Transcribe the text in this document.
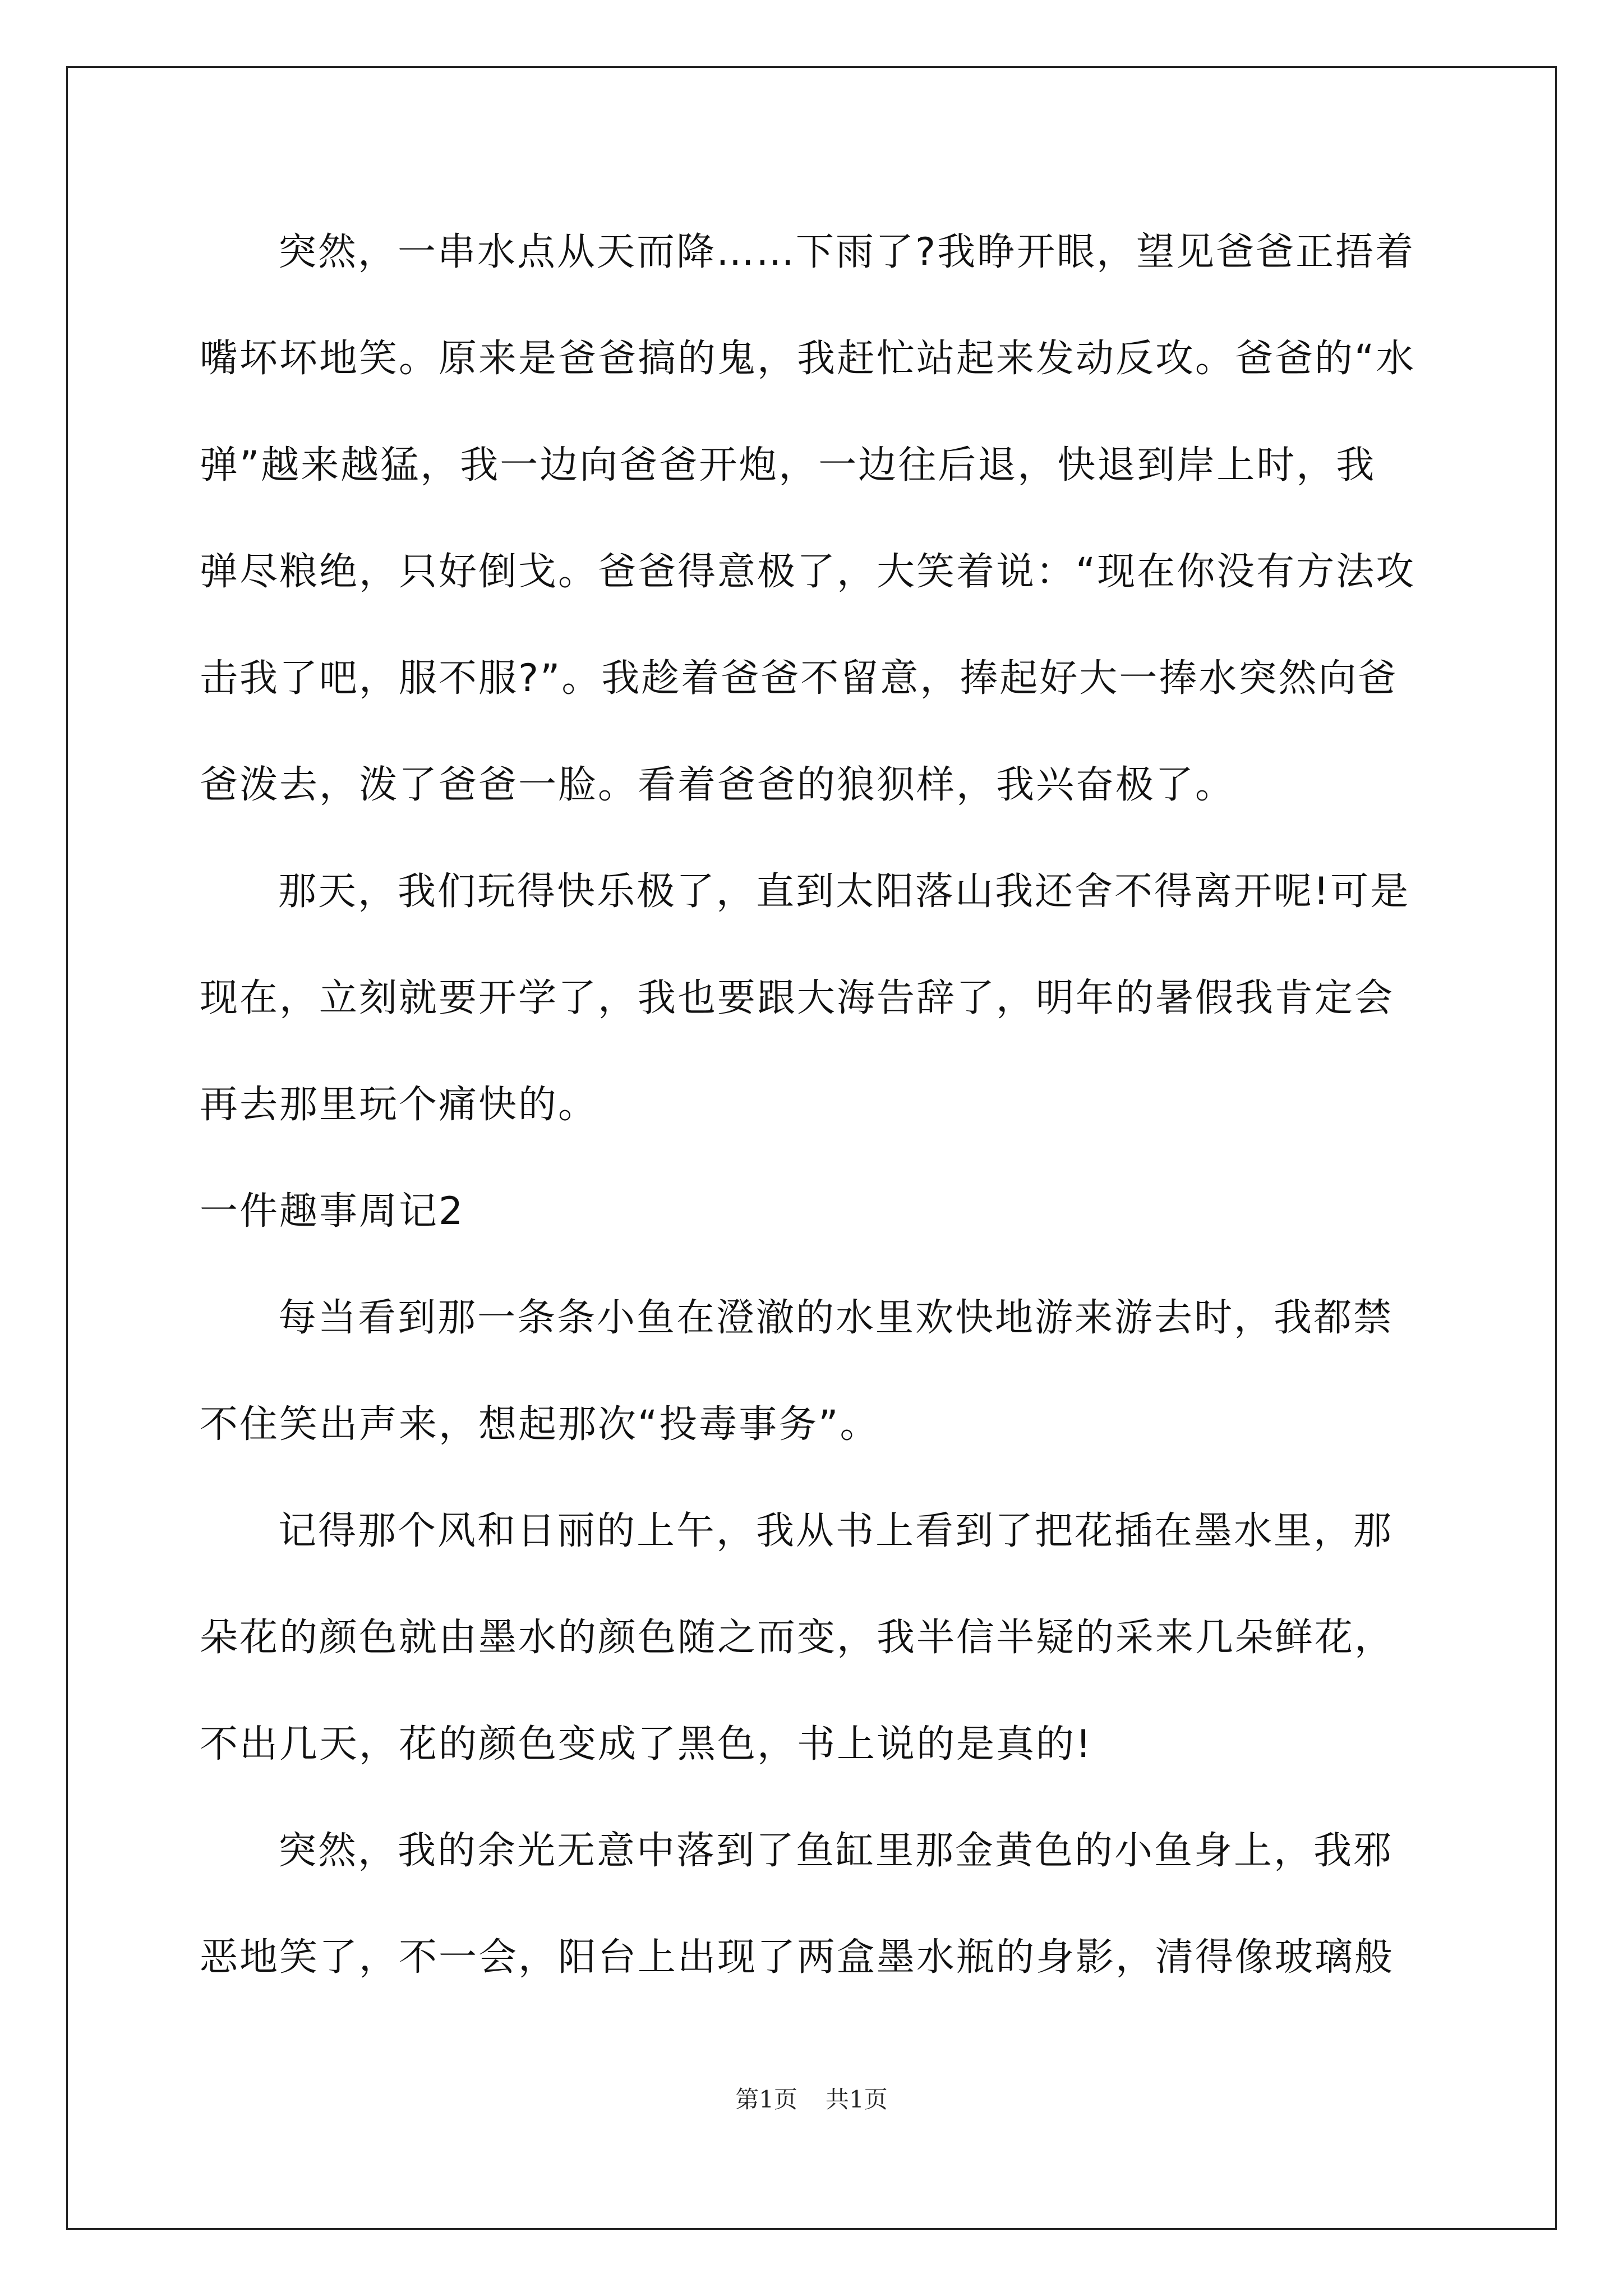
突然，一串水点从天而降……下雨了?我睁开眼，望见爸爸正捂着
嘴坏坏地笑。原来是爸爸搞的鬼，我赶忙站起来发动反攻。爸爸的“水
弹”越来越猛，我一边向爸爸开炮，一边往后退，快退到岸上时，我
弹尽粮绝，只好倒戈。爸爸得意极了，大笑着说：“现在你没有方法攻
击我了吧，服不服?”。我趁着爸爸不留意，捧起好大一捧水突然向爸
爸泼去，泼了爸爸一脸。看着爸爸的狼狈样，我兴奋极了。
那天，我们玩得快乐极了，直到太阳落山我还舍不得离开呢!可是
现在，立刻就要开学了，我也要跟大海告辞了，明年的暑假我肯定会
再去那里玩个痛快的。
一件趣事周记2
每当看到那一条条小鱼在澄澈的水里欢快地游来游去时，我都禁
不住笑出声来，想起那次“投毒事务”。
记得那个风和日丽的上午，我从书上看到了把花插在墨水里，那
朵花的颜色就由墨水的颜色随之而变，我半信半疑的采来几朵鲜花，
不出几天，花的颜色变成了黑色，书上说的是真的!
突然，我的余光无意中落到了鱼缸里那金黄色的小鱼身上，我邪
恶地笑了，不一会，阳台上出现了两盒墨水瓶的身影，清得像玻璃般
第1页 共1页
